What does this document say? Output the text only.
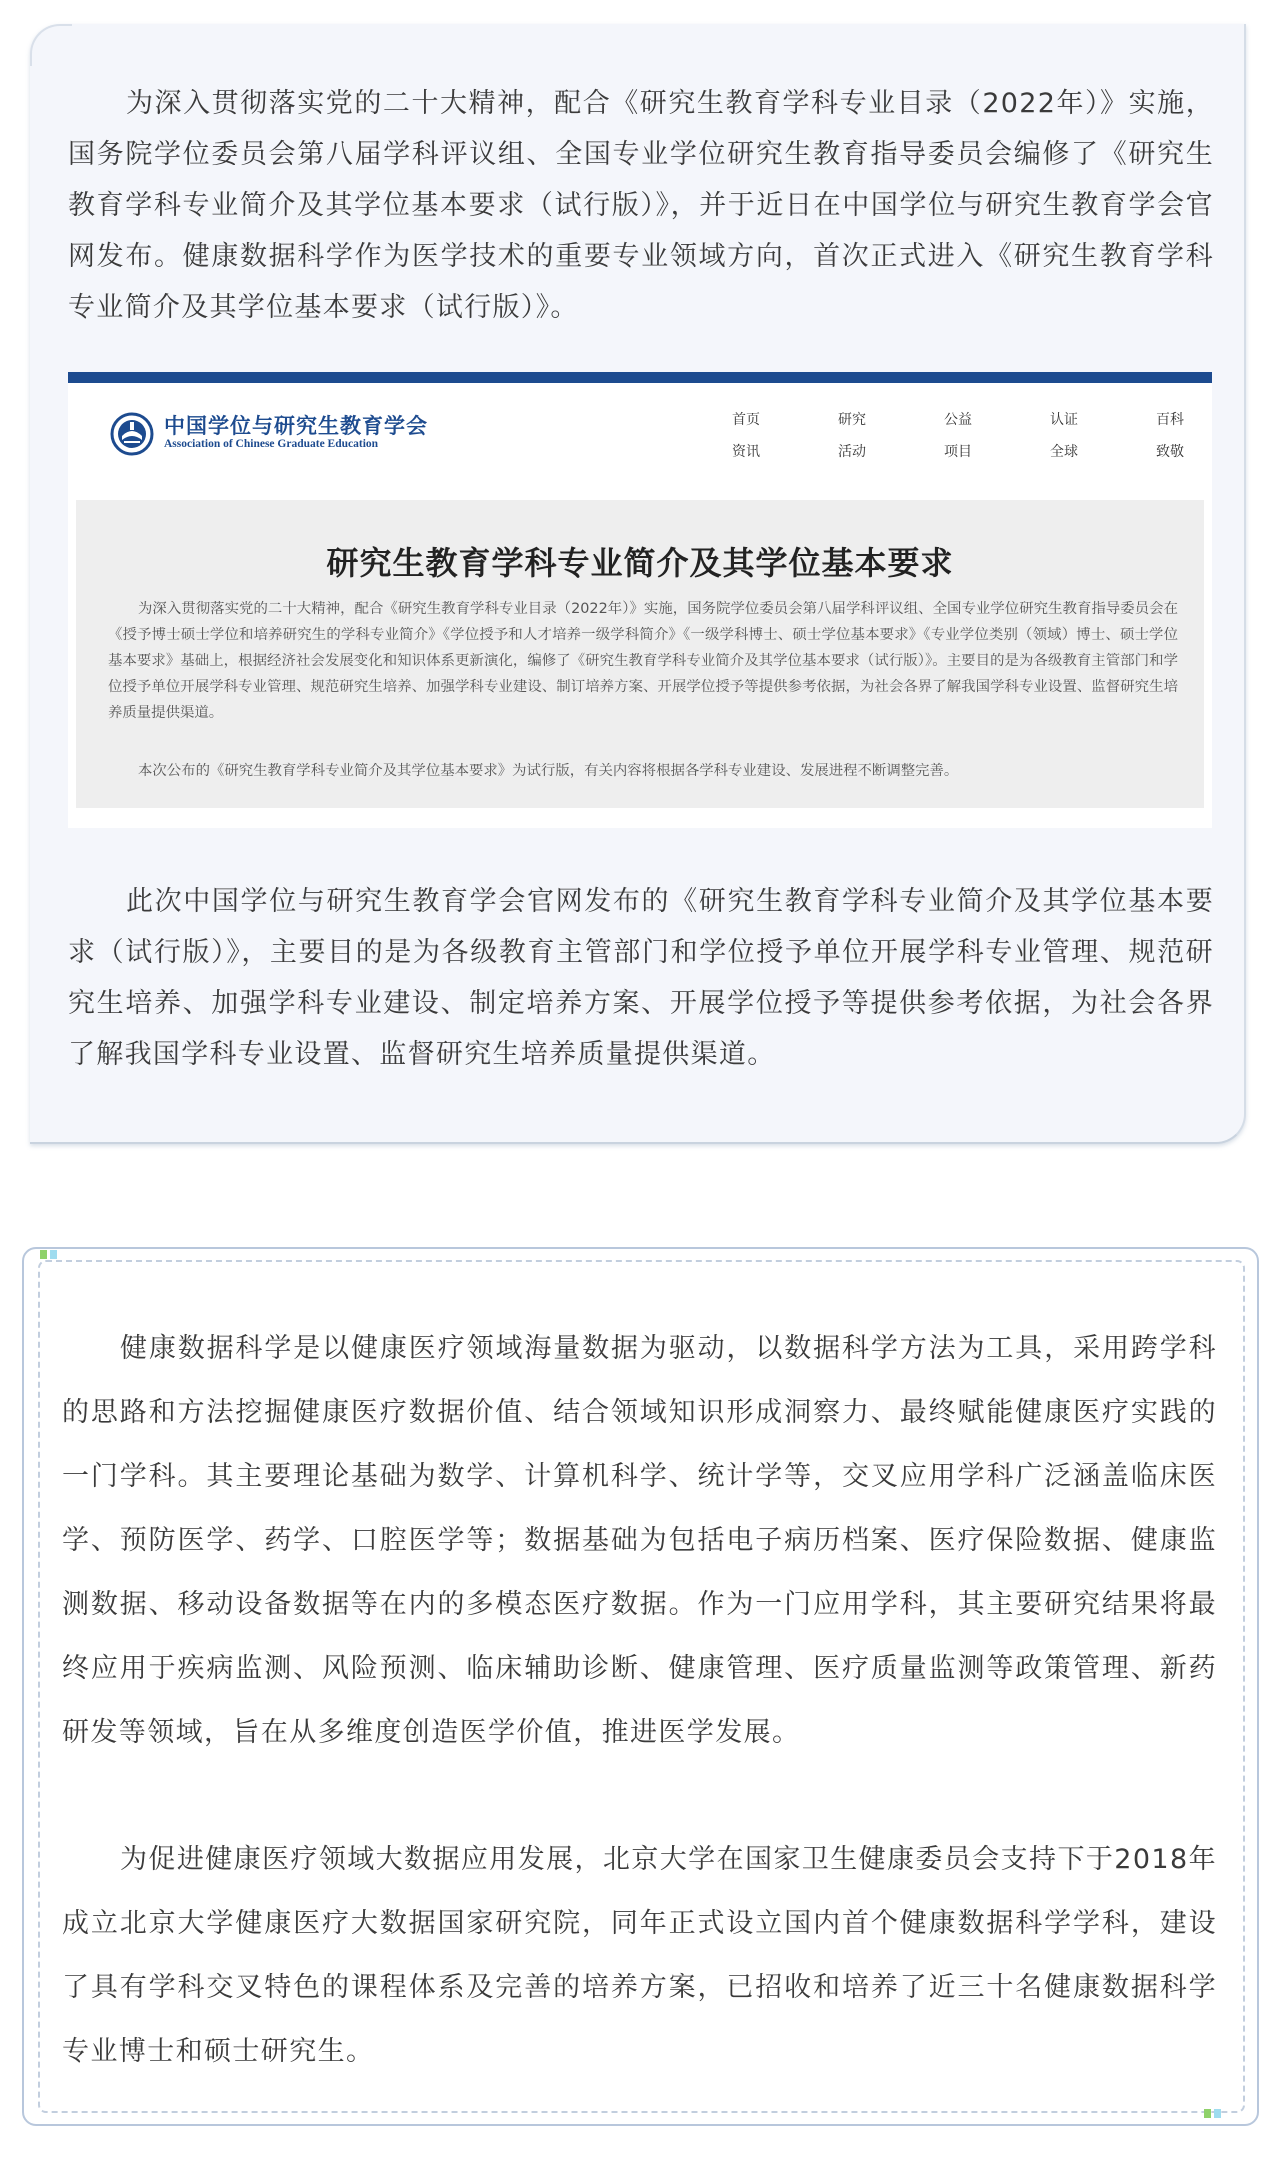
为深入贯彻落实党的二十大精神，配合《研究生教育学科专业目录（2022年）》实施，国务院学位委员会第八届学科评议组、全国专业学位研究生教育指导委员会编修了《研究生教育学科专业简介及其学位基本要求（试行版）》，并于近日在中国学位与研究生教育学会官网发布。健康数据科学作为医学技术的重要专业领域方向，首次正式进入《研究生教育学科专业简介及其学位基本要求（试行版）》。

中国学位与研究生教育学会
Association of Chinese Graduate Education
首页
资讯
研究
活动
公益
项目
认证
全球
百科
致敬
研究生教育学科专业简介及其学位基本要求

为深入贯彻落实党的二十大精神，配合《研究生教育学科专业目录（2022年）》实施，国务院学位委员会第八届学科评议组、全国专业学位研究生教育指导委员会在《授予博士硕士学位和培养研究生的学科专业简介》《学位授予和人才培养一级学科简介》《一级学科博士、硕士学位基本要求》《专业学位类别（领域）博士、硕士学位基本要求》基础上，根据经济社会发展变化和知识体系更新演化，编修了《研究生教育学科专业简介及其学位基本要求（试行版）》。主要目的是为各级教育主管部门和学位授予单位开展学科专业管理、规范研究生培养、加强学科专业建设、制订培养方案、开展学位授予等提供参考依据，为社会各界了解我国学科专业设置、监督研究生培养质量提供渠道。

本次公布的《研究生教育学科专业简介及其学位基本要求》为试行版，有关内容将根据各学科专业建设、发展进程不断调整完善。

此次中国学位与研究生教育学会官网发布的《研究生教育学科专业简介及其学位基本要求（试行版）》，主要目的是为各级教育主管部门和学位授予单位开展学科专业管理、规范研究生培养、加强学科专业建设、制定培养方案、开展学位授予等提供参考依据，为社会各界了解我国学科专业设置、监督研究生培养质量提供渠道。

健康数据科学是以健康医疗领域海量数据为驱动，以数据科学方法为工具，采用跨学科的思路和方法挖掘健康医疗数据价值、结合领域知识形成洞察力、最终赋能健康医疗实践的一门学科。其主要理论基础为数学、计算机科学、统计学等，交叉应用学科广泛涵盖临床医学、预防医学、药学、口腔医学等；数据基础为包括电子病历档案、医疗保险数据、健康监测数据、移动设备数据等在内的多模态医疗数据。作为一门应用学科，其主要研究结果将最终应用于疾病监测、风险预测、临床辅助诊断、健康管理、医疗质量监测等政策管理、新药研发等领域，旨在从多维度创造医学价值，推进医学发展。

为促进健康医疗领域大数据应用发展，北京大学在国家卫生健康委员会支持下于2018年成立北京大学健康医疗大数据国家研究院，同年正式设立国内首个健康数据科学学科，建设了具有学科交叉特色的课程体系及完善的培养方案，已招收和培养了近三十名健康数据科学专业博士和硕士研究生。
